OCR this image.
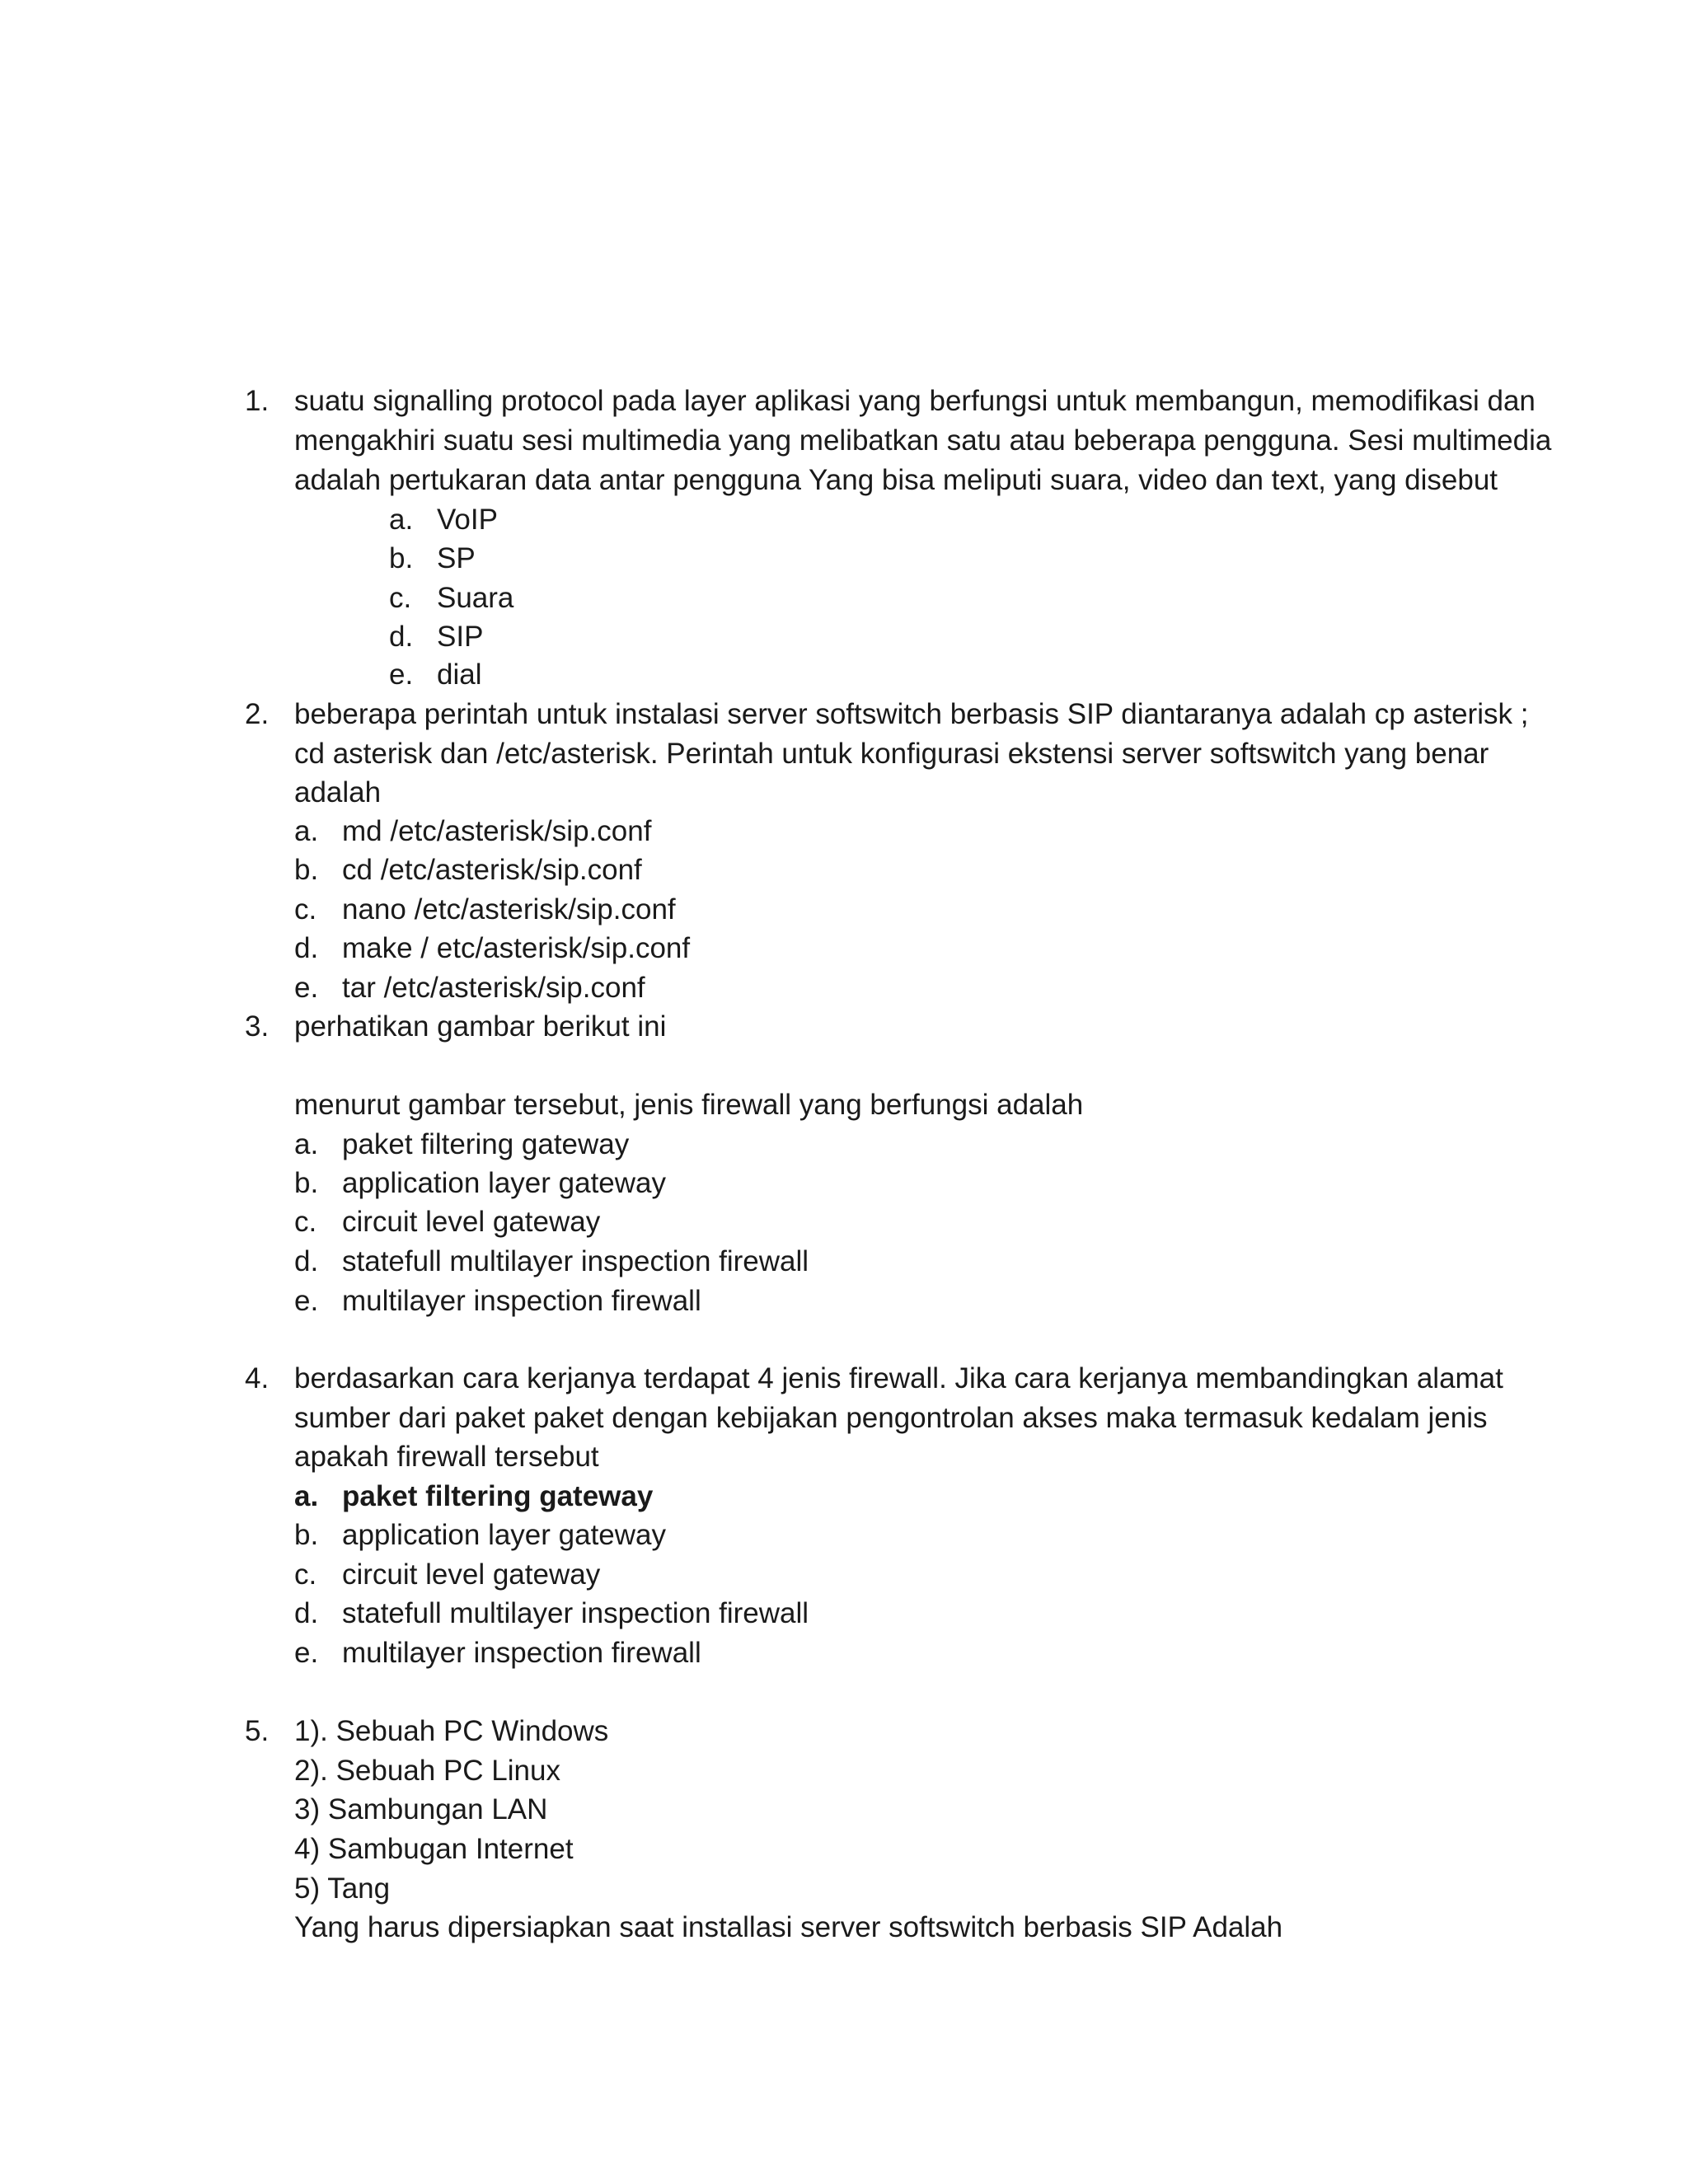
1. suatu signalling protocol pada layer aplikasi yang berfungsi untuk membangun, memodifikasi dan
mengakhiri suatu sesi multimedia yang melibatkan satu atau beberapa pengguna. Sesi multimedia
adalah pertukaran data antar pengguna Yang bisa meliputi suara, video dan text, yang disebut
a. VoIP
b. SP
c. Suara
d. SIP
e. dial
2. beberapa perintah untuk instalasi server softswitch berbasis SIP diantaranya adalah cp asterisk ;
cd asterisk dan /etc/asterisk. Perintah untuk konfigurasi ekstensi server softswitch yang benar
adalah
a. md /etc/asterisk/sip.conf
b. cd /etc/asterisk/sip.conf
c. nano /etc/asterisk/sip.conf
d. make / etc/asterisk/sip.conf
e. tar /etc/asterisk/sip.conf
3. perhatikan gambar berikut ini
menurut gambar tersebut, jenis firewall yang berfungsi adalah
a. paket filtering gateway
b. application layer gateway
c. circuit level gateway
d. statefull multilayer inspection firewall
e. multilayer inspection firewall
4. berdasarkan cara kerjanya terdapat 4 jenis firewall. Jika cara kerjanya membandingkan alamat
sumber dari paket paket dengan kebijakan pengontrolan akses maka termasuk kedalam jenis
apakah firewall tersebut
a. paket filtering gateway
b. application layer gateway
c. circuit level gateway
d. statefull multilayer inspection firewall
e. multilayer inspection firewall
5. 1). Sebuah PC Windows
2). Sebuah PC Linux
3) Sambungan LAN
4) Sambugan Internet
5) Tang
Yang harus dipersiapkan saat installasi server softswitch berbasis SIP Adalah
